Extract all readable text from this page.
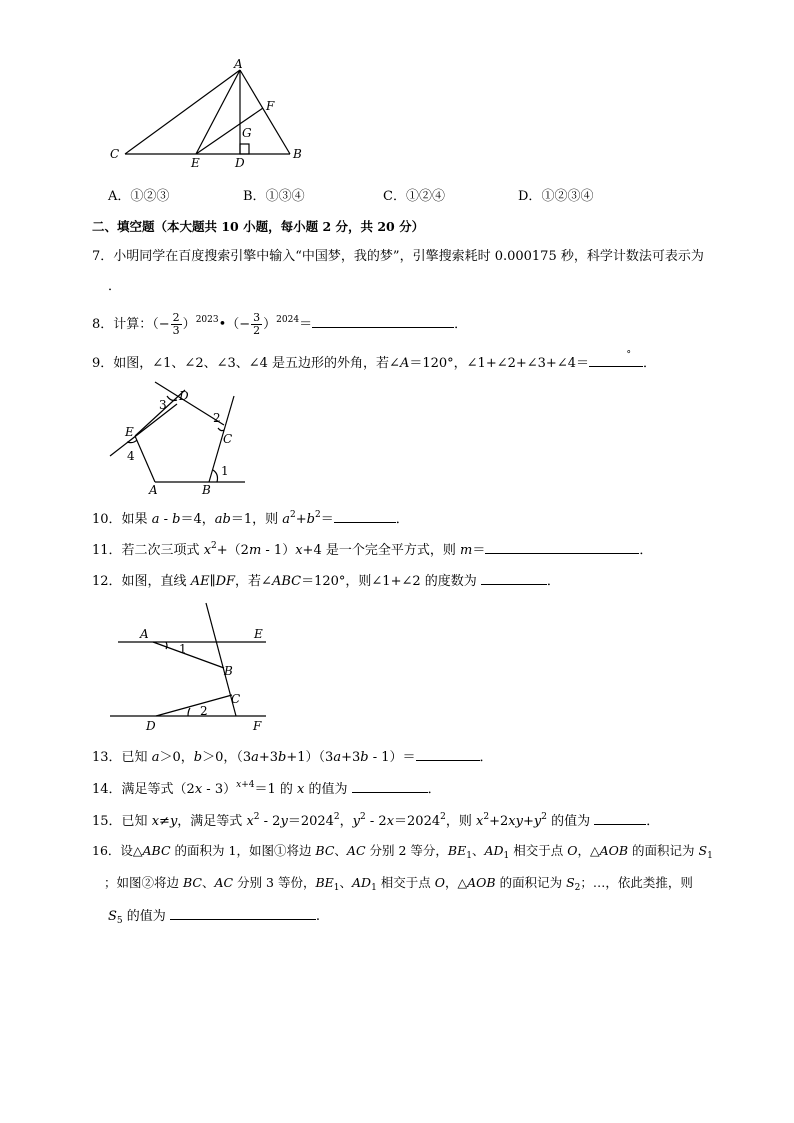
A
F
G
C
E	D
B
A．①②③	B．①③④	C．①②④	D．①②③④
二、填空题（本大题共 10 小题，每小题 2 分，共 20 分）
7．小明同学在百度搜索引擎中输入“中国梦，我的梦”，引擎搜索耗时 0.000175 秒，科学计数法可表示为
．
8．计算：（− $\frac{2}{3}$ ）$^{2023}$•（− $\frac{3}{2} )^{2024}=$	．
9．如图，∠1、∠2、∠3、∠4 是五边形的外角，若∠A＝120°，∠1+∠2+∠3+∠4＝
°
．
D
3
2
C
E
4
1
A	B
10．如果 a - b＝4，ab＝1，则 $a^2+b^2=$	．
11．若二次三项式 $x^2+(2m - 1)x+4$ 是一个完全平方式，则 m＝	．
12．如图，直线 AE∥DF，若∠ABC＝120°，则∠1+∠2 的度数为	．
A
1
E
B
C
2
D	F
13．已知 a＞0，b＞0，（3a+3b+1）（3a+3b - 1）＝	．
14．满足等式（2x - 3）$^{x+4}$＝1 的 x 的值为	．
15．已知 x≠y，满足等式 $x^2 - 2y=2024^2$，$y^2 - 2x=2024^2$，则 $x^2+2xy+y^2$ 的值为	．
16．设△ABC 的面积为 1，如图①将边 BC、AC 分别 2 等分，$BE_1$、$AD_1$ 相交于点 O，△AOB 的面积记为 $S_1$
；如图②将边 BC、AC 分别 3 等份，$BE_1$、$AD_1$ 相交于点 O，△AOB 的面积记为 $S_2$；…，依此类推，则
$S_5$ 的值为	.
